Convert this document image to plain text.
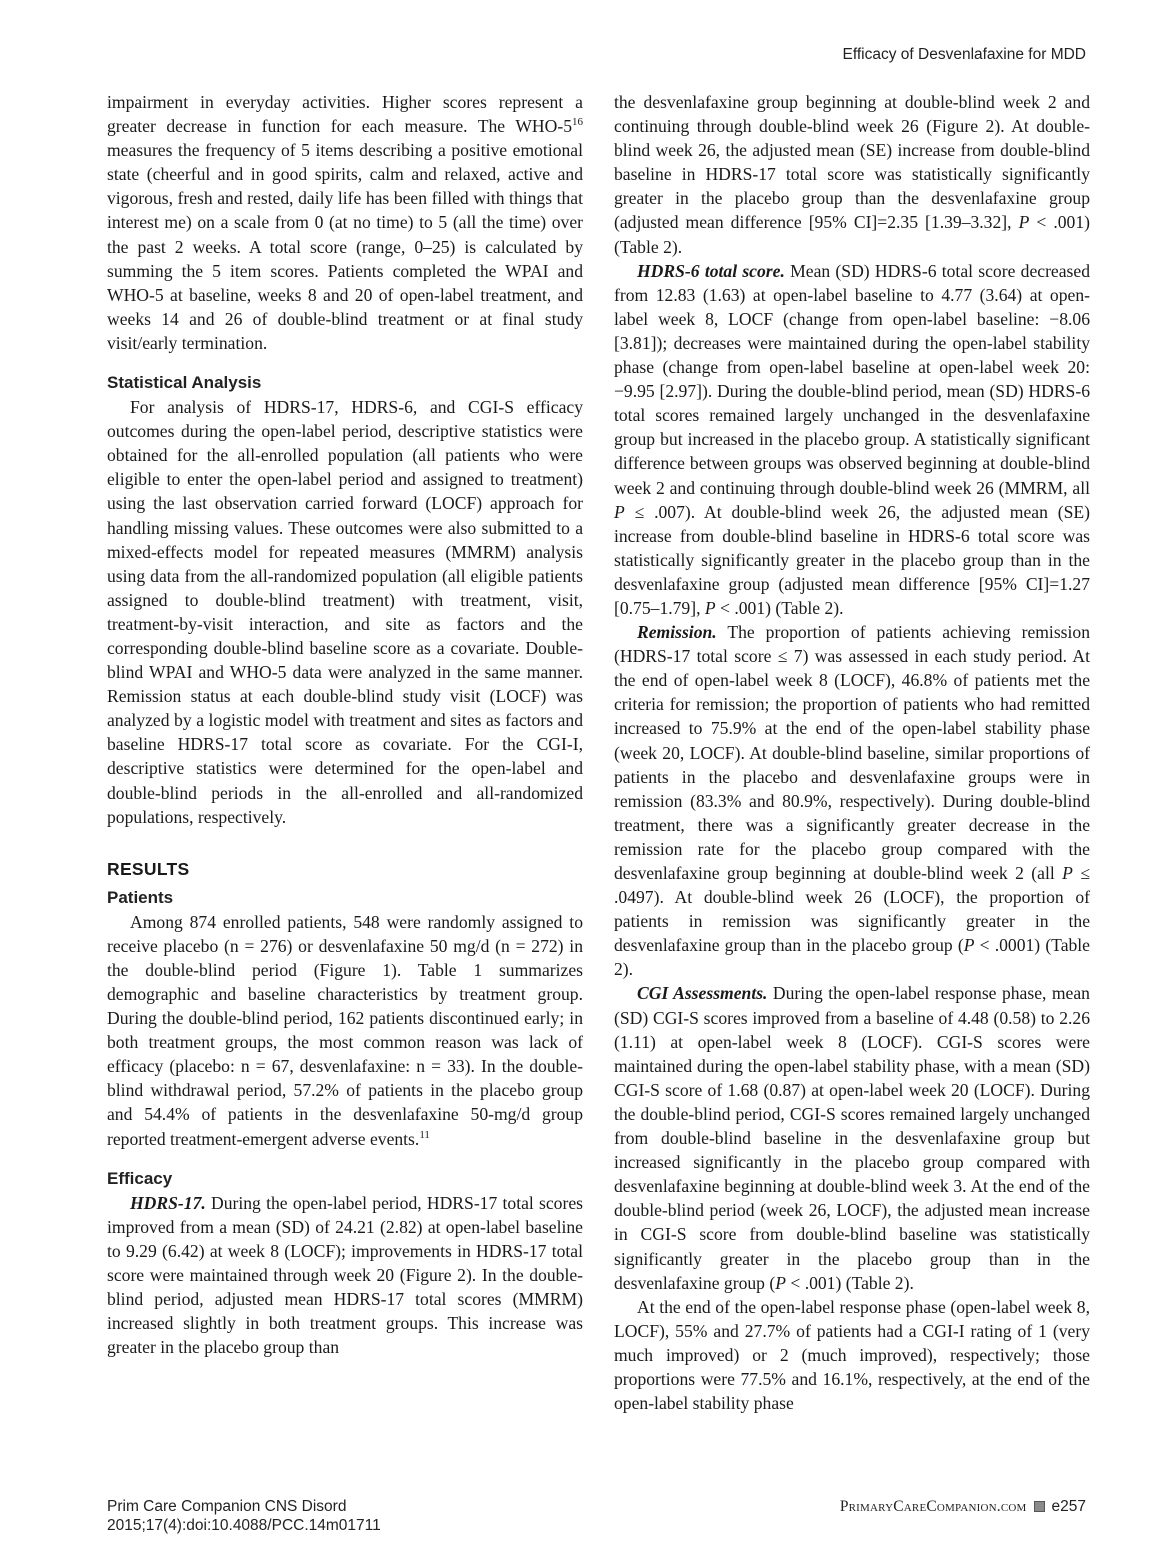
Efficacy of Desvenlafaxine for MDD

impairment in everyday activities. Higher scores represent a greater decrease in function for each measure. The WHO-$5^{16}$ measures the frequency of 5 items describing a positive emotional state (cheerful and in good spirits, calm and relaxed, active and vigorous, fresh and rested, daily life has been filled with things that interest me) on a scale from 0 (at no time) to 5 (all the time) over the past 2 weeks. A total score (range, 0–25) is calculated by summing the 5 item scores. Patients completed the WPAI and WHO-5 at baseline, weeks 8 and 20 of open-label treatment, and weeks 14 and 26 of double-blind treatment or at final study visit/early termination.

Statistical Analysis

For analysis of HDRS-17, HDRS-6, and CGI-S efficacy outcomes during the open-label period, descriptive statistics were obtained for the all-enrolled population (all patients who were eligible to enter the open-label period and assigned to treatment) using the last observation carried forward (LOCF) approach for handling missing values. These outcomes were also submitted to a mixed-effects model for repeated measures (MMRM) analysis using data from the all-randomized population (all eligible patients assigned to double-blind treatment) with treatment, visit, treatment-by-visit interaction, and site as factors and the corresponding double-blind baseline score as a covariate. Double-blind WPAI and WHO-5 data were analyzed in the same manner. Remission status at each double-blind study visit (LOCF) was analyzed by a logistic model with treatment and sites as factors and baseline HDRS-17 total score as covariate. For the CGI-I, descriptive statistics were determined for the open-label and double-blind periods in the all-enrolled and all-randomized populations, respectively.

RESULTS
Patients

Among 874 enrolled patients, 548 were randomly assigned to receive placebo (n = 276) or desvenlafaxine 50 mg/d (n = 272) in the double-blind period (Figure 1). Table 1 summarizes demographic and baseline characteristics by treatment group. During the double-blind period, 162 patients discontinued early; in both treatment groups, the most common reason was lack of efficacy (placebo: n = 67, desvenlafaxine: n = 33). In the double-blind withdrawal period, 57.2% of patients in the placebo group and 54.4% of patients in the desvenlafaxine 50-mg/d group reported treatment-emergent adverse events.$^{11}$

Efficacy

HDRS-17. During the open-label period, HDRS-17 total scores improved from a mean (SD) of 24.21 (2.82) at open-label baseline to 9.29 (6.42) at week 8 (LOCF); improvements in HDRS-17 total score were maintained through week 20 (Figure 2). In the double-blind period, adjusted mean HDRS-17 total scores (MMRM) increased slightly in both treatment groups. This increase was greater in the placebo group than

the desvenlafaxine group beginning at double-blind week 2 and continuing through double-blind week 26 (Figure 2). At double-blind week 26, the adjusted mean (SE) increase from double-blind baseline in HDRS-17 total score was statistically significantly greater in the placebo group than the desvenlafaxine group (adjusted mean difference [95% CI]=2.35 [1.39–3.32], P < .001) (Table 2).

HDRS-6 total score. Mean (SD) HDRS-6 total score decreased from 12.83 (1.63) at open-label baseline to 4.77 (3.64) at open-label week 8, LOCF (change from open-label baseline: −8.06 [3.81]); decreases were maintained during the open-label stability phase (change from open-label baseline at open-label week 20: −9.95 [2.97]). During the double-blind period, mean (SD) HDRS-6 total scores remained largely unchanged in the desvenlafaxine group but increased in the placebo group. A statistically significant difference between groups was observed beginning at double-blind week 2 and continuing through double-blind week 26 (MMRM, all P ≤ .007). At double-blind week 26, the adjusted mean (SE) increase from double-blind baseline in HDRS-6 total score was statistically significantly greater in the placebo group than in the desvenlafaxine group (adjusted mean difference [95% CI]=1.27 [0.75–1.79], P < .001) (Table 2).

Remission. The proportion of patients achieving remission (HDRS-17 total score ≤ 7) was assessed in each study period. At the end of open-label week 8 (LOCF), 46.8% of patients met the criteria for remission; the proportion of patients who had remitted increased to 75.9% at the end of the open-label stability phase (week 20, LOCF). At double-blind baseline, similar proportions of patients in the placebo and desvenlafaxine groups were in remission (83.3% and 80.9%, respectively). During double-blind treatment, there was a significantly greater decrease in the remission rate for the placebo group compared with the desvenlafaxine group beginning at double-blind week 2 (all P ≤ .0497). At double-blind week 26 (LOCF), the proportion of patients in remission was significantly greater in the desvenlafaxine group than in the placebo group (P < .0001) (Table 2).

CGI Assessments. During the open-label response phase, mean (SD) CGI-S scores improved from a baseline of 4.48 (0.58) to 2.26 (1.11) at open-label week 8 (LOCF). CGI-S scores were maintained during the open-label stability phase, with a mean (SD) CGI-S score of 1.68 (0.87) at open-label week 20 (LOCF). During the double-blind period, CGI-S scores remained largely unchanged from double-blind baseline in the desvenlafaxine group but increased significantly in the placebo group compared with desvenlafaxine beginning at double-blind week 3. At the end of the double-blind period (week 26, LOCF), the adjusted mean increase in CGI-S score from double-blind baseline was statistically significantly greater in the placebo group than in the desvenlafaxine group (P < .001) (Table 2).

At the end of the open-label response phase (open-label week 8, LOCF), 55% and 27.7% of patients had a CGI-I rating of 1 (very much improved) or 2 (much improved), respectively; those proportions were 77.5% and 16.1%, respectively, at the end of the open-label stability phase

Prim Care Companion CNS Disord
2015;17(4):doi:10.4088/PCC.14m01711
PrimaryCareCompanion.com e257
